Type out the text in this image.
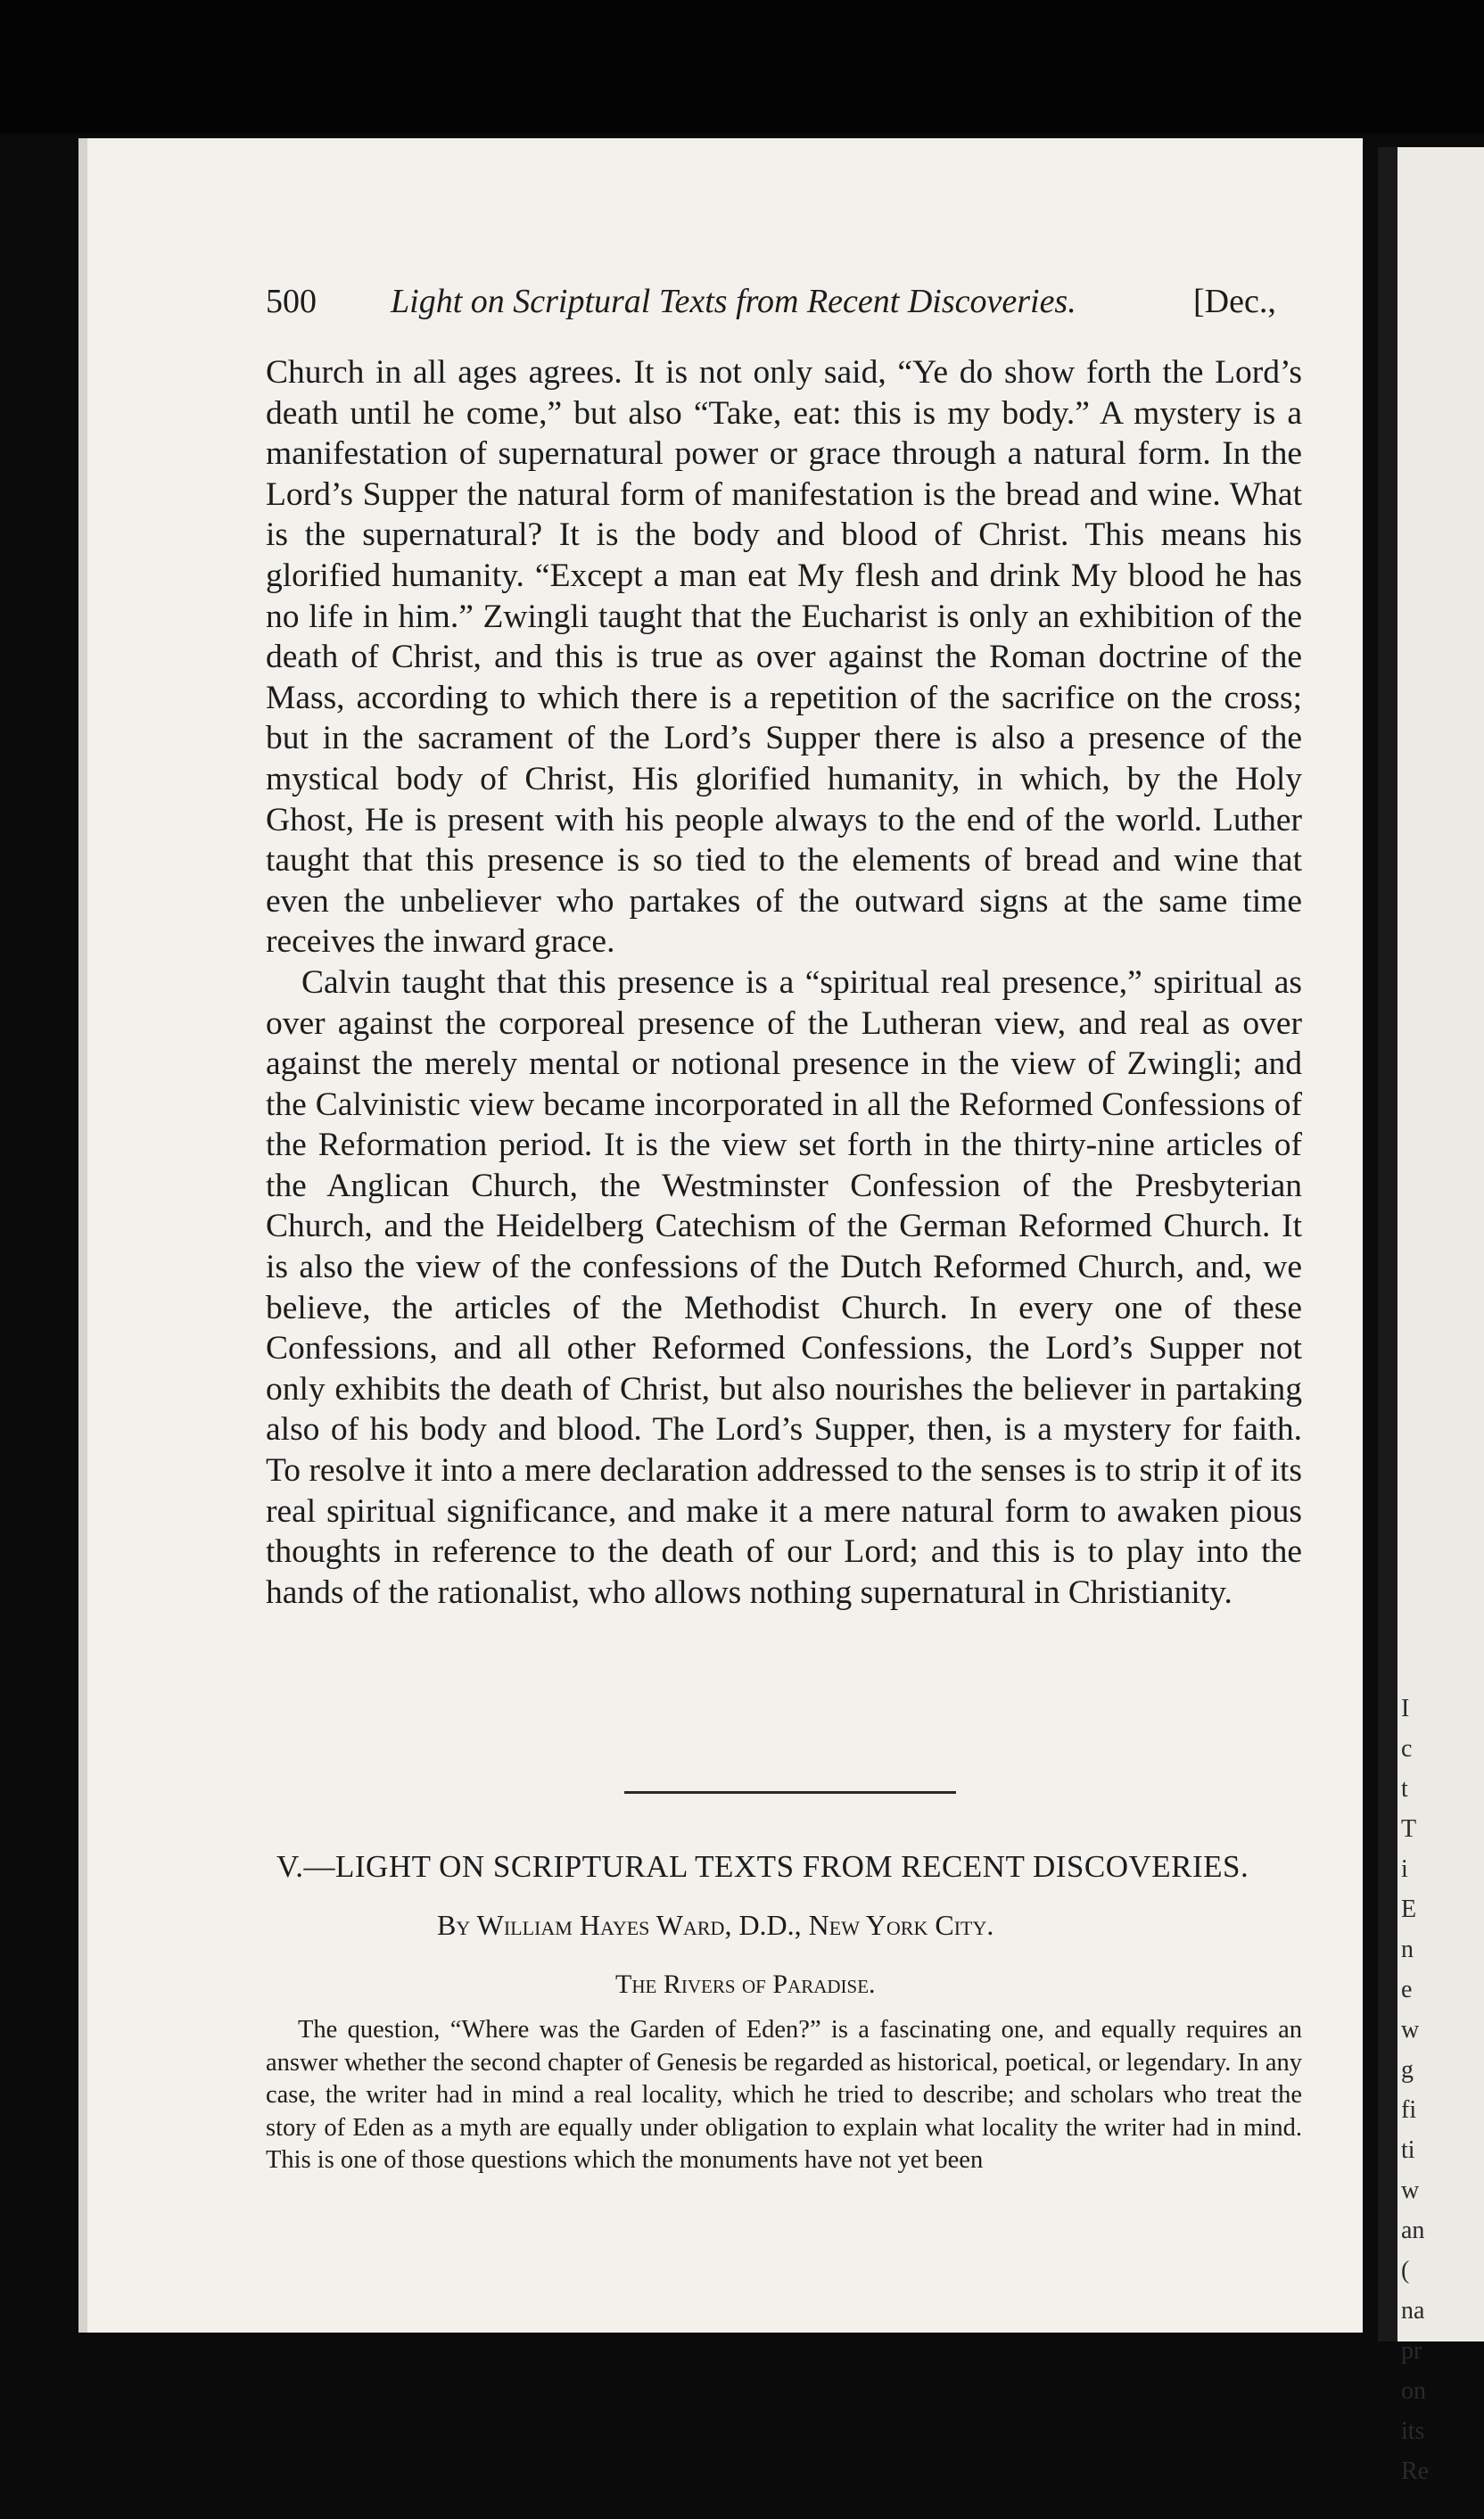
I
c
t
T
i
E
n
e
w
g
fi
ti
w
an
(
na
pr
on
its
Re
500 Light on Scriptural Texts from Recent Discoveries.	[Dec.,

Church in all ages agrees. It is not only said, “Ye do show forth the Lord’s death until he come,” but also “Take, eat: this is my body.” A mystery is a manifestation of supernatural power or grace through a natural form. In the Lord’s Supper the natural form of manifestation is the bread and wine. What is the supernatural? It is the body and blood of Christ. This means his glorified humanity. “Except a man eat My flesh and drink My blood he has no life in him.” Zwingli taught that the Eucharist is only an exhibition of the death of Christ, and this is true as over against the Roman doctrine of the Mass, according to which there is a repetition of the sacrifice on the cross; but in the sacrament of the Lord’s Supper there is also a presence of the mystical body of Christ, His glorified humanity, in which, by the Holy Ghost, He is present with his people always to the end of the world. Luther taught that this presence is so tied to the elements of bread and wine that even the unbeliever who partakes of the outward signs at the same time receives the inward grace.

Calvin taught that this presence is a “spiritual real presence,” spiritual as over against the corporeal presence of the Lutheran view, and real as over against the merely mental or notional presence in the view of Zwingli; and the Calvinistic view became incorporated in all the Reformed Confessions of the Reformation period. It is the view set forth in the thirty-nine articles of the Anglican Church, the Westminster Confession of the Presbyterian Church, and the Heidelberg Catechism of the German Reformed Church. It is also the view of the confessions of the Dutch Reformed Church, and, we believe, the articles of the Methodist Church. In every one of these Confessions, and all other Reformed Confessions, the Lord’s Supper not only exhibits the death of Christ, but also nourishes the believer in partaking also of his body and blood. The Lord’s Supper, then, is a mystery for faith. To resolve it into a mere declaration addressed to the senses is to strip it of its real spiritual significance, and make it a mere natural form to awaken pious thoughts in reference to the death of our Lord; and this is to play into the hands of the rationalist, who allows nothing supernatural in Christianity.

V.—LIGHT ON SCRIPTURAL TEXTS FROM RECENT DISCOVERIES.
By William Hayes Ward, D.D., New York City.
The Rivers of Paradise.

The question, “Where was the Garden of Eden?” is a fascinating one, and equally requires an answer whether the second chapter of Genesis be regarded as historical, poetical, or legendary. In any case, the writer had in mind a real locality, which he tried to describe; and scholars who treat the story of Eden as a myth are equally under obligation to explain what locality the writer had in mind. This is one of those questions which the monuments have not yet been
